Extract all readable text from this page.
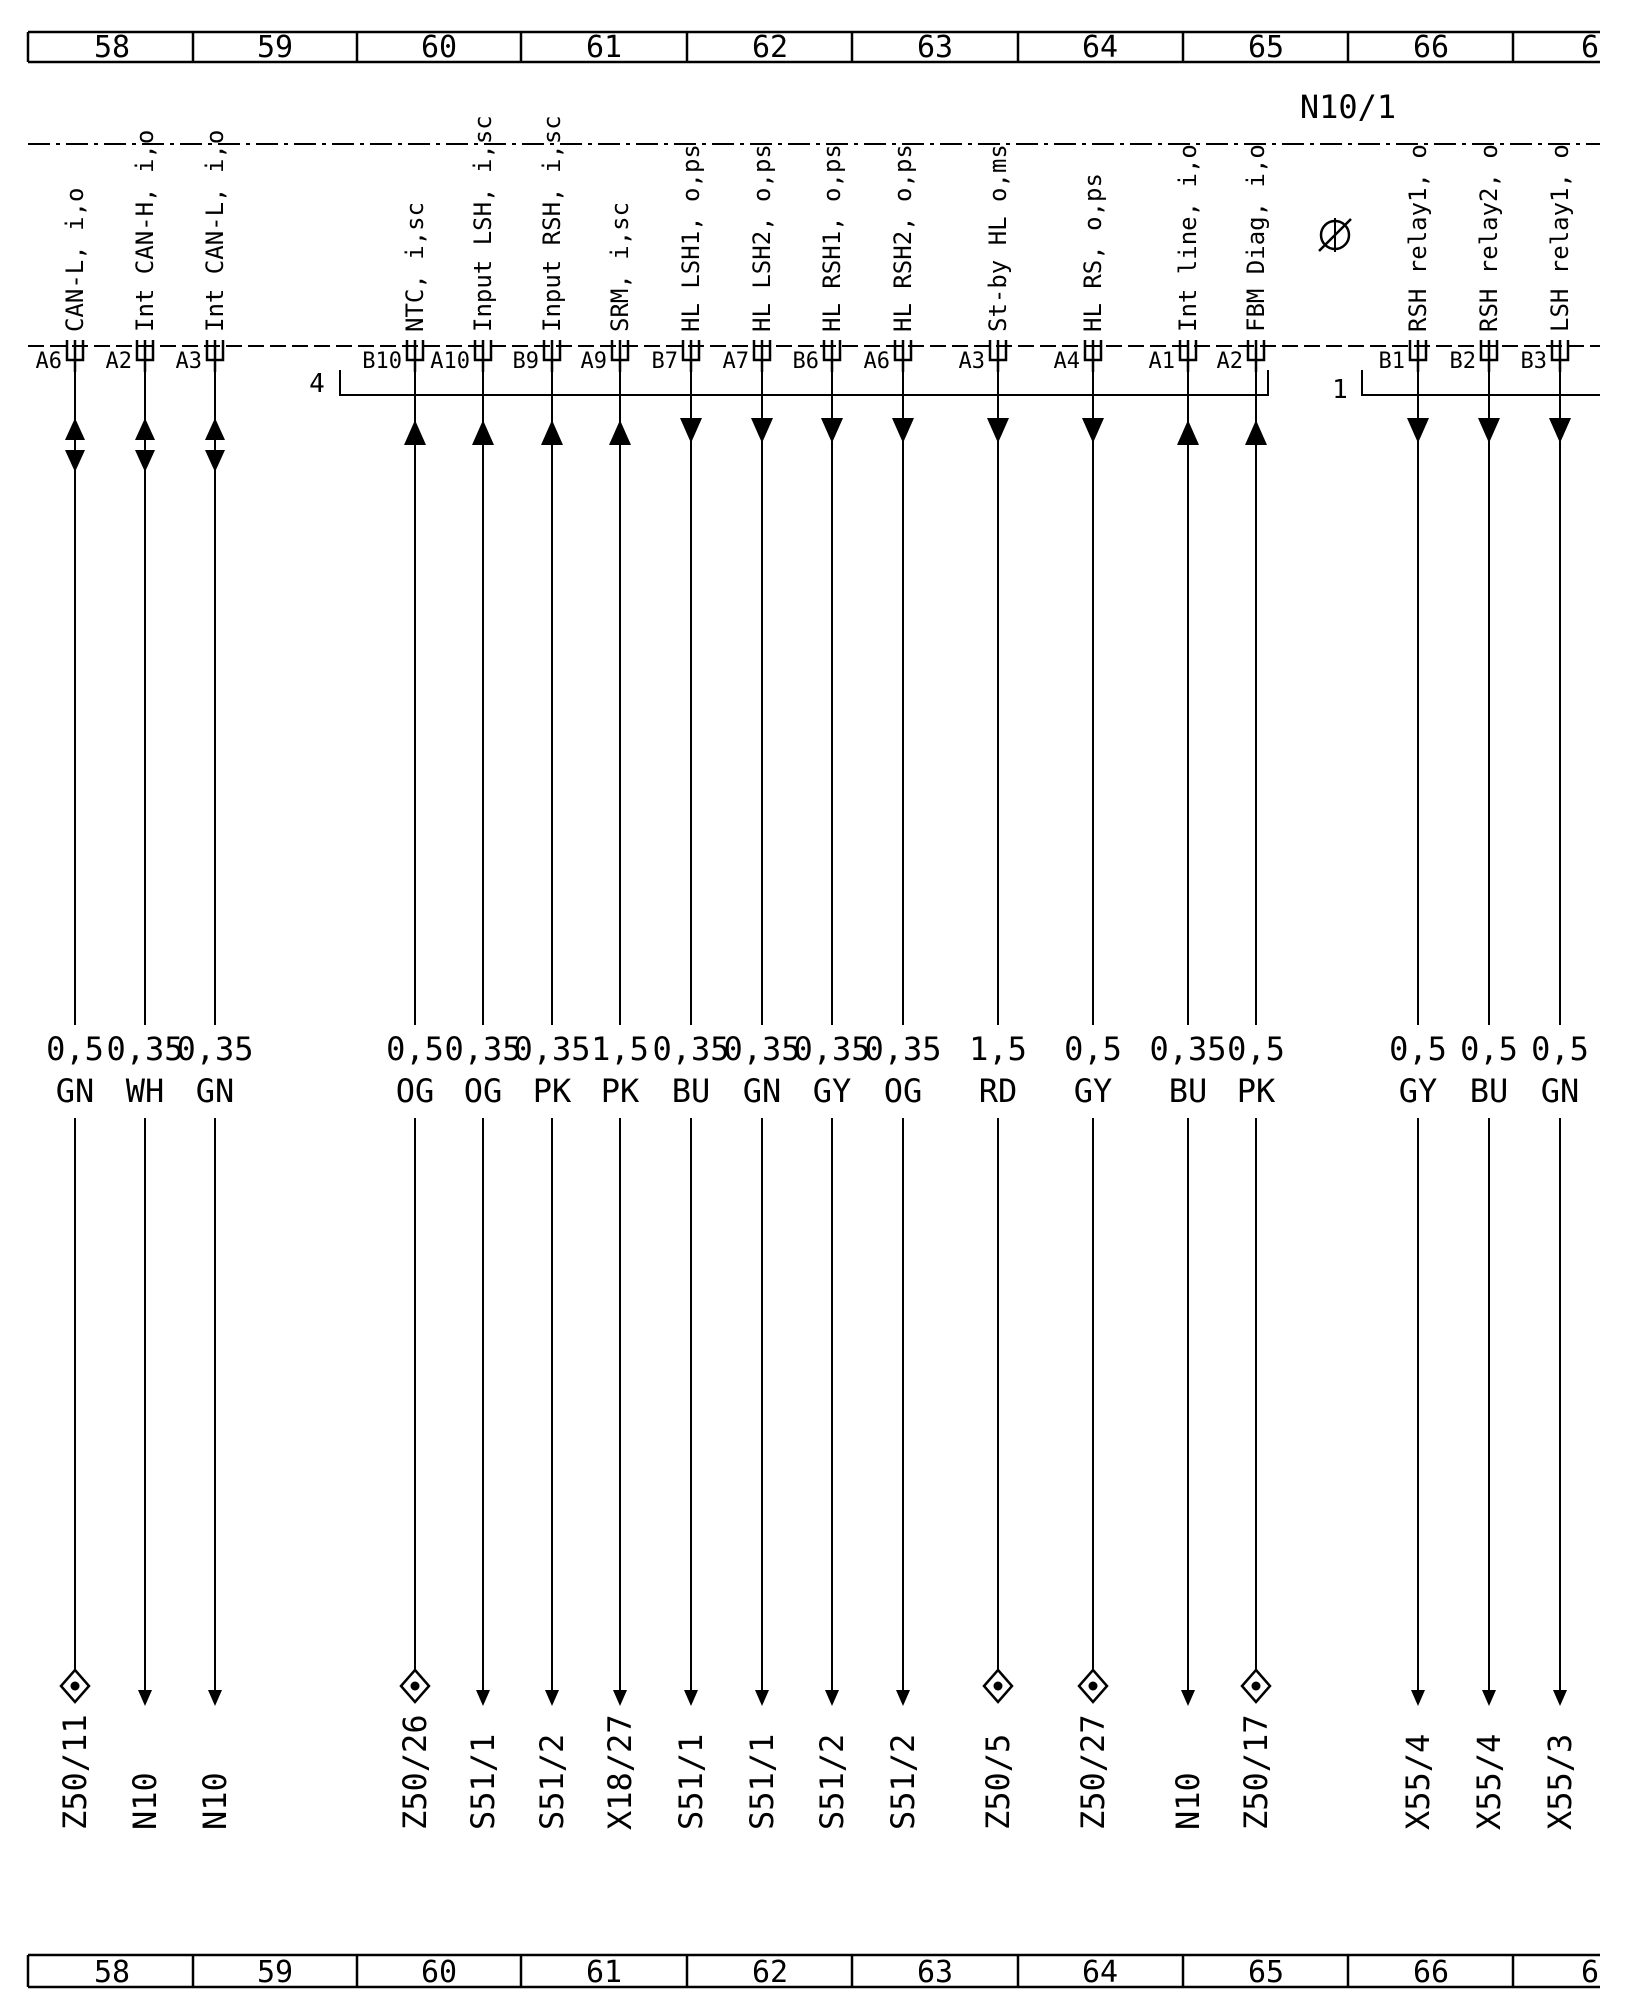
N10/1
4	1
58	59	60	61	62	63	64	65	66	6
58	59	60	61	62	63	64	65	66	6
CAN-L, i,o
A6
0,5
GN
Z50/11
Int CAN-H, i,o
A2
0,35
WH
N10
Int CAN-L, i,o
A3
0,35
GN
N10
NTC, i,sc
B10
0,5
OG
Z50/26
Input LSH, i,sc
A10
0,35
OG
S51/1
Input RSH, i,sc
B9
0,35
PK
S51/2
SRM, i,sc
A9
1,5
PK
X18/27
HL LSH1, o,ps
B7
0,35
BU
S51/1
HL LSH2, o,ps
A7
0,35
GN
S51/1
HL RSH1, o,ps
B6
0,35
GY
S51/2
HL RSH2, o,ps
A6
0,35
OG
S51/2
St-by HL o,ms
A3
1,5
RD
Z50/5
HL RS, o,ps
A4
0,5
GY
Z50/27
Int line, i,o
A1
0,35
BU
N10
FBM Diag, i,o
A2
0,5
PK
Z50/17
RSH relay1, o
B1
0,5
GY
X55/4
RSH relay2, o
B2
0,5
BU
X55/4
LSH relay1, o
B3
0,5
GN
X55/3
